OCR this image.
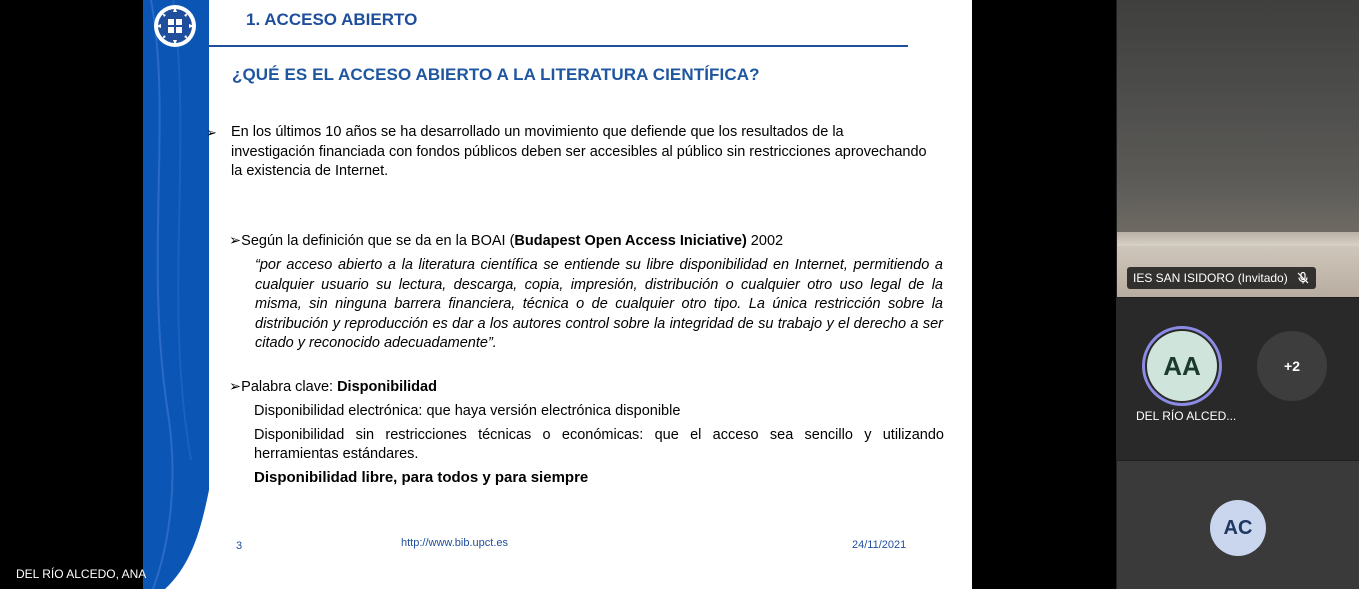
1. ACCESO ABIERTO
¿QUÉ ES EL ACCESO ABIERTO A LA LITERATURA CIENTÍFICA?
➢ En los últimos 10 años se ha desarrollado un movimiento que defiende que los resultados de la investigación financiada con fondos públicos deben ser accesibles al público sin restricciones aprovechando la existencia de Internet.
➢Según la definición que se da en la BOAI (Budapest Open Access Iniciative) 2002
“por acceso abierto a la literatura científica se entiende su libre disponibilidad en Internet, permitiendo a cualquier usuario su lectura, descarga, copia, impresión, distribución o cualquier otro uso legal de la misma, sin ninguna barrera financiera, técnica o de cualquier otro tipo. La única restricción sobre la distribución y reproducción es dar a los autores control sobre la integridad de su trabajo y el derecho a ser citado y reconocido adecuadamente”.
➢Palabra clave: Disponibilidad
Disponibilidad electrónica: que haya versión electrónica disponible
Disponibilidad sin restricciones técnicas o económicas: que el acceso sea sencillo y utilizando herramientas estándares.
Disponibilidad libre, para todos y para siempre
3	http://www.bib.upct.es	24/11/2021
DEL RÍO ALCEDO, ANA
IES SAN ISIDORO (Invitado)
AA
DEL RÍO ALCED...
+2
AC
